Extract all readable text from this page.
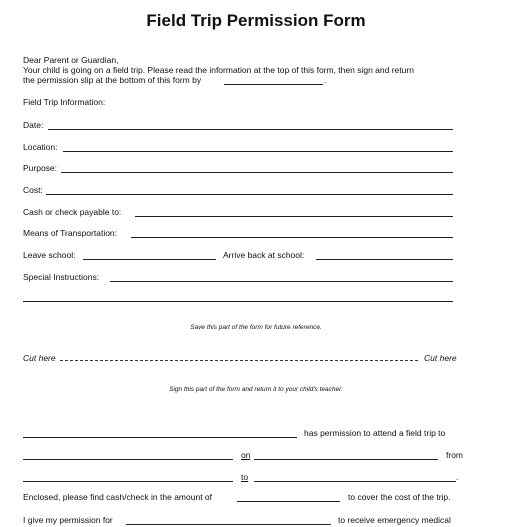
Field Trip Permission Form
Dear Parent or Guardian,
Your child is going on a field trip. Please read the information at the top of this form, then sign and return
the permission slip at the bottom of this form by	.
Field Trip Information:
Date:
Location:
Purpose:
Cost:
Cash or check payable to:
Means of Transportation:
Leave school:	Arrive back at school:
Special Instructions:
Save this part of the form for future reference.
Cut here	Cut here
Sign this part of the form and return it to your child's teacher.
has permission to attend a field trip to
on	from
to	.
Enclosed, please find cash/check in the amount of	to cover the cost of the trip.
I give my permission for	to receive emergency medical
